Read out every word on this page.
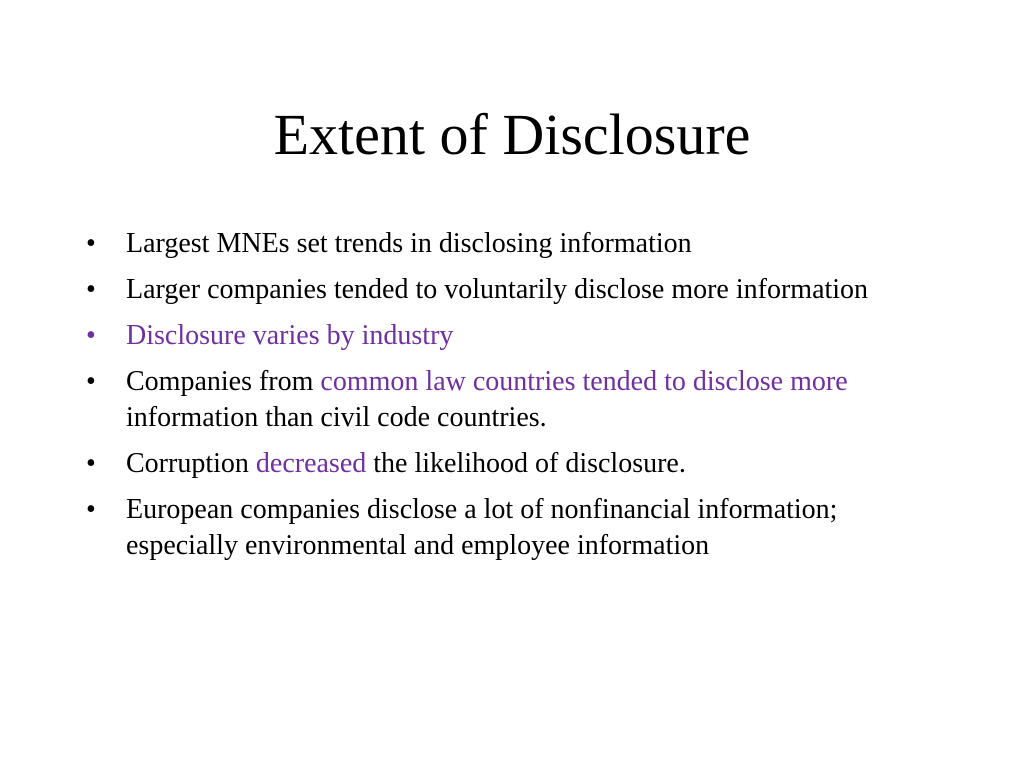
Extent of Disclosure
•	Largest MNEs set trends in disclosing information
•	Larger companies tended to voluntarily disclose more information
•	Disclosure varies by industry
•	Companies from common law countries tended to disclose more information than civil code countries.
•	Corruption decreased the likelihood of disclosure.
•	European companies disclose a lot of nonfinancial information; especially environmental and employee information
